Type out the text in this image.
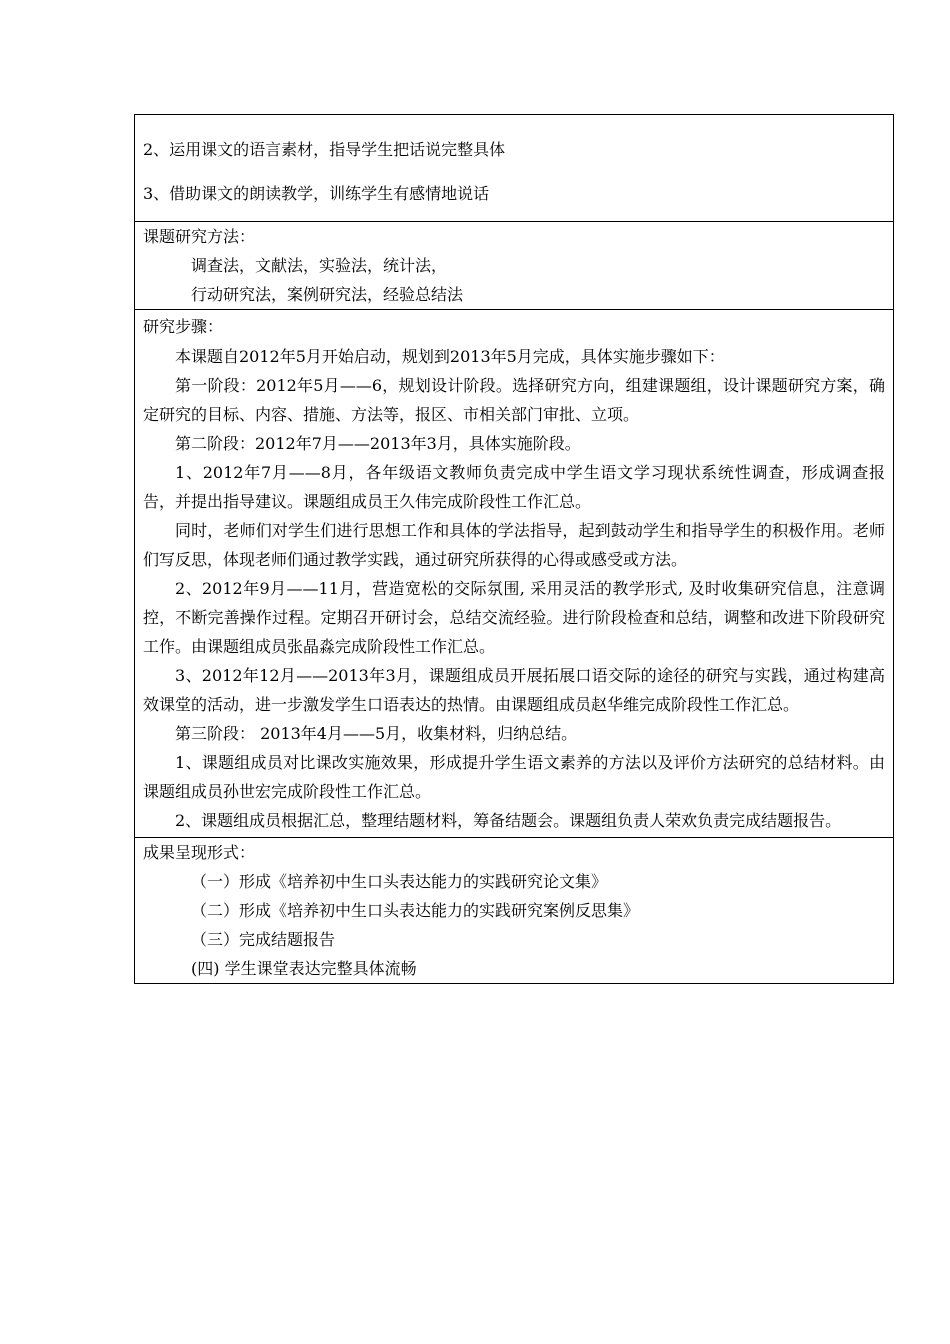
2、运用课文的语言素材，指导学生把话说完整具体

3、借助课文的朗读教学，训练学生有感情地说话

课题研究方法：

调查法，文献法，实验法，统计法，

行动研究法，案例研究法，经验总结法

研究步骤：

本课题自2012年5月开始启动，规划到2013年5月完成，具体实施步骤如下：

第一阶段：2012年5月——6，规划设计阶段。选择研究方向，组建课题组，设计课题研究方案，确定研究的目标、内容、措施、方法等，报区、市相关部门审批、立项。

第二阶段：2012年7月——2013年3月，具体实施阶段。

1、2012年7月——8月，各年级语文教师负责完成中学生语文学习现状系统性调查，形成调查报告，并提出指导建议。课题组成员王久伟完成阶段性工作汇总。

同时，老师们对学生们进行思想工作和具体的学法指导，起到鼓动学生和指导学生的积极作用。老师们写反思，体现老师们通过教学实践，通过研究所获得的心得或感受或方法。

2、2012年9月——11月，营造宽松的交际氛围, 采用灵活的教学形式, 及时收集研究信息，注意调控，不断完善操作过程。定期召开研讨会，总结交流经验。进行阶段检查和总结，调整和改进下阶段研究工作。由课题组成员张晶淼完成阶段性工作汇总。

3、2012年12月——2013年3月，课题组成员开展拓展口语交际的途径的研究与实践，通过构建高效课堂的活动，进一步激发学生口语表达的热情。由课题组成员赵华维完成阶段性工作汇总。

第三阶段： 2013年4月——5月，收集材料，归纳总结。

1、课题组成员对比课改实施效果，形成提升学生语文素养的方法以及评价方法研究的总结材料。由课题组成员孙世宏完成阶段性工作汇总。

2、课题组成员根据汇总，整理结题材料，筹备结题会。课题组负责人荣欢负责完成结题报告。

成果呈现形式：

（一）形成《培养初中生口头表达能力的实践研究论文集》

（二）形成《培养初中生口头表达能力的实践研究案例反思集》

（三）完成结题报告

(四) 学生课堂表达完整具体流畅
